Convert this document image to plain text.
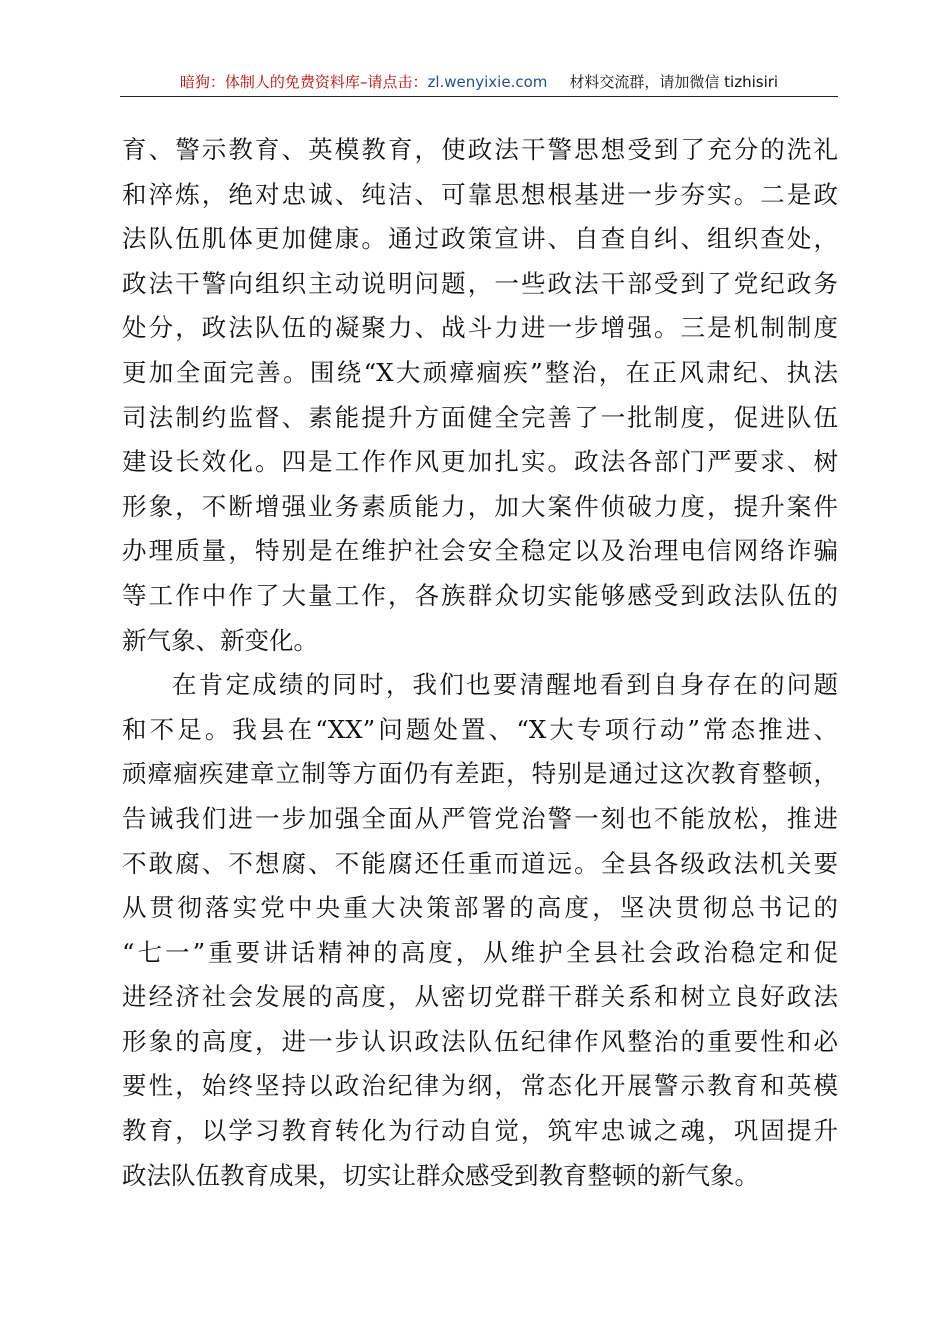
暗狗：体制人的免费资料库–请点击：zl.wenyixie.com 材料交流群，请加微信 tizhisiri
育、警示教育、英模教育，使政法干警思想受到了充分的洗礼
和淬炼，绝对忠诚、纯洁、可靠思想根基进一步夯实。二是政
法队伍肌体更加健康。通过政策宣讲、自查自纠、组织查处，
政法干警向组织主动说明问题，一些政法干部受到了党纪政务
处分，政法队伍的凝聚力、战斗力进一步增强。三是机制制度
更加全面完善。围绕“X大顽瘴痼疾”整治，在正风肃纪、执法
司法制约监督、素能提升方面健全完善了一批制度，促进队伍
建设长效化。四是工作作风更加扎实。政法各部门严要求、树
形象，不断增强业务素质能力，加大案件侦破力度，提升案件
办理质量，特别是在维护社会安全稳定以及治理电信网络诈骗
等工作中作了大量工作，各族群众切实能够感受到政法队伍的
新气象、新变化。
在肯定成绩的同时，我们也要清醒地看到自身存在的问题
和不足。我县在“XX”问题处置、“X大专项行动”常态推进、
顽瘴痼疾建章立制等方面仍有差距，特别是通过这次教育整顿，
告诫我们进一步加强全面从严管党治警一刻也不能放松，推进
不敢腐、不想腐、不能腐还任重而道远。全县各级政法机关要
从贯彻落实党中央重大决策部署的高度，坚决贯彻总书记的
“七一”重要讲话精神的高度，从维护全县社会政治稳定和促
进经济社会发展的高度，从密切党群干群关系和树立良好政法
形象的高度，进一步认识政法队伍纪律作风整治的重要性和必
要性，始终坚持以政治纪律为纲，常态化开展警示教育和英模
教育，以学习教育转化为行动自觉，筑牢忠诚之魂，巩固提升
政法队伍教育成果，切实让群众感受到教育整顿的新气象。
